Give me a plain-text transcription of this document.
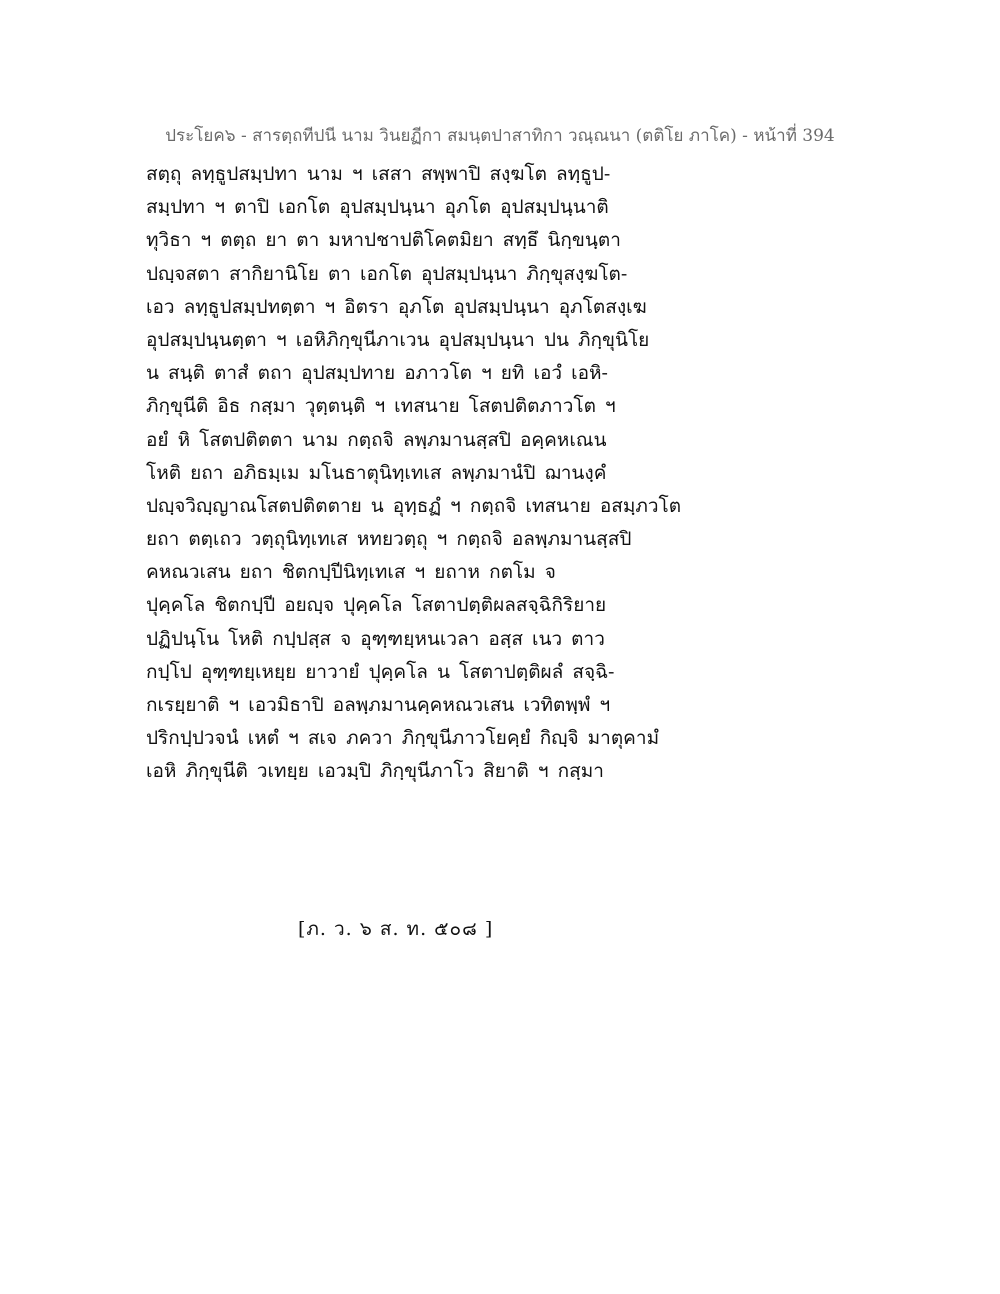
ประโยค๖ - สารตฺถทีปนี นาม วินยฏีกา สมนฺตปาสาทิกา วณฺณนา (ตติโย ภาโค) - หน้าที่ 394
สตฺถุ ลทฺธูปสมฺปทา นาม ฯ เสสา สพฺพาปิ สงฺฆโต ลทฺธูป-
สมฺปทา ฯ ตาปิ เอกโต อุปสมฺปนฺนา อุภโต อุปสมฺปนฺนาติ
ทุวิธา ฯ ตตฺถ ยา ตา มหาปชาปติโคตมิยา สทฺธึ นิกฺขนฺตา
ปญฺจสตา สากิยานิโย ตา เอกโต อุปสมฺปนฺนา ภิกฺขุสงฺฆโต-
เอว ลทฺธูปสมฺปทตฺตา ฯ อิตรา อุภโต อุปสมฺปนฺนา อุภโตสงฺเฆ
อุปสมฺปนฺนตฺตา ฯ เอหิภิกฺขุนีภาเวน อุปสมฺปนฺนา ปน ภิกฺขุนิโย
น สนฺติ ตาสํ ตถา อุปสมฺปทาย อภาวโต ฯ ยทิ เอวํ เอหิ-
ภิกฺขุนีติ อิธ กสฺมา วุตฺตนฺติ ฯ เทสนาย โสตปติตภาวโต ฯ
อยํ หิ โสตปติตตา นาม กตฺถจิ ลพฺภมานสฺสปิ อคฺคหเณน
โหติ ยถา อภิธมฺเม มโนธาตุนิทฺเทเส ลพฺภมานํปิ ฌานงฺคํ
ปญฺจวิญฺญาณโสตปติตตาย น อุทฺธฏํ ฯ กตฺถจิ เทสนาย อสมฺภวโต
ยถา ตตฺเถว วตฺถุนิทฺเทเส หทยวตฺถุ ฯ กตฺถจิ อลพฺภมานสฺสปิ
คหณวเสน ยถา ชิตกปฺปีนิทฺเทเส ฯ ยถาห กตโม จ
ปุคฺคโล ชิตกปฺปี อยญฺจ ปุคฺคโล โสตาปตฺติผลสจฺฉิกิริยาย
ปฏิปนฺโน โหติ กปฺปสฺส จ อุฑฺฑยฺหนเวลา อสฺส เนว ตาว
กปฺโป อุฑฺฑยฺเหยฺย ยาวายํ ปุคฺคโล น โสตาปตฺติผลํ สจฺฉิ-
กเรยฺยาติ ฯ เอวมิธาปิ อลพฺภมานคฺคหณวเสน เวทิตพฺพํ ฯ
ปริกปฺปวจนํ เหตํ ฯ สเจ ภควา ภิกฺขุนีภาวโยคฺยํ กิญฺจิ มาตุคามํ
เอหิ ภิกฺขุนีติ วเทยฺย เอวมฺปิ ภิกฺขุนีภาโว สิยาติ ฯ กสฺมา
[ภ. ว. ๖ ส. ท. ๕๐๘ ]
